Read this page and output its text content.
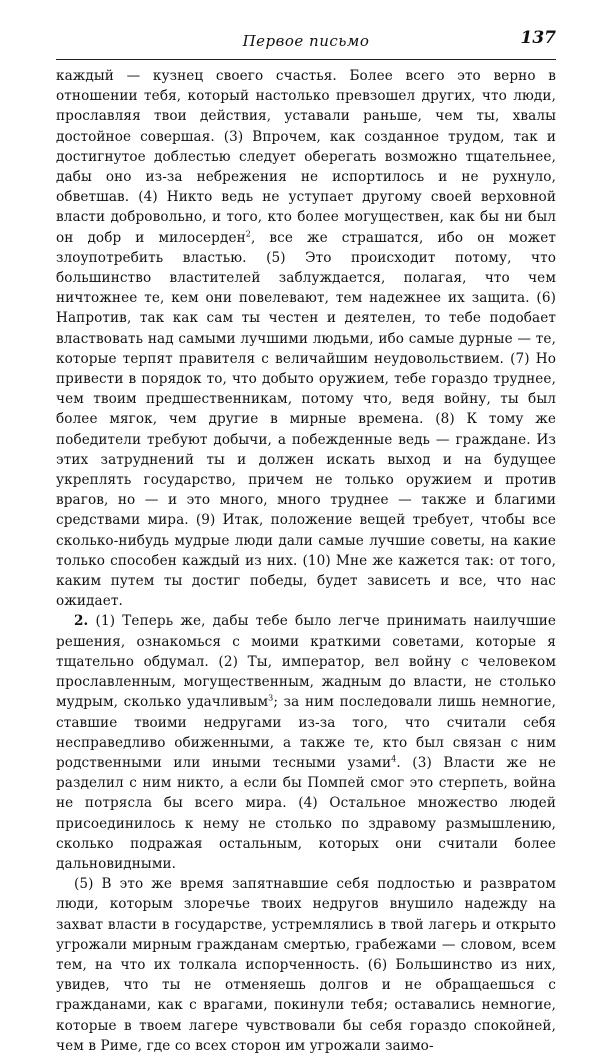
Первое письмо	137

каждый — кузнец своего счастья. Более всего это верно в отношении тебя, который настолько превзошел других, что люди, прославляя твои действия, уставали раньше, чем ты, хвалы достойное совершая. (3) Впрочем, как созданное трудом, так и достигнутое доблестью следует оберегать возможно тщательнее, дабы оно из-за небрежения не испортилось и не рухнуло, обветшав. (4) Никто ведь не уступает другому своей верховной власти добровольно, и того, кто более могуществен, как бы ни был он добр и милосерден$^2$, все же страшатся, ибо он может злоупотребить властью. (5) Это происходит потому, что большинство властителей заблуждается, полагая, что чем ничтожнее те, кем они повелевают, тем надежнее их защита. (6) Напротив, так как сам ты честен и деятелен, то тебе подобает властвовать над самыми лучшими людьми, ибо самые дурные — те, которые терпят правителя с величайшим неудовольствием. (7) Но привести в порядок то, что добыто оружием, тебе гораздо труднее, чем твоим предшественникам, потому что, ведя войну, ты был более мягок, чем другие в мирные времена. (8) К тому же победители требуют добычи, а побежденные ведь — граждане. Из этих затруднений ты и должен искать выход и на будущее укреплять государство, причем не только оружием и против врагов, но — и это много, много труднее — также и благими средствами мира. (9) Итак, положение вещей требует, чтобы все сколько-нибудь мудрые люди дали самые лучшие советы, на какие только способен каждый из них. (10) Мне же кажется так: от того, каким путем ты достиг победы, будет зависеть и все, что нас ожидает.

2. (1) Теперь же, дабы тебе было легче принимать наилучшие решения, ознакомься с моими краткими советами, которые я тщательно обдумал. (2) Ты, император, вел войну с человеком прославленным, могущественным, жадным до власти, не столько мудрым, сколько удачливым$^3$; за ним последовали лишь немногие, ставшие твоими недругами из-за того, что считали себя несправедливо обиженными, а также те, кто был связан с ним родственными или иными тесными узами$^4$. (3) Власти же не разделил с ним никто, а если бы Помпей смог это стерпеть, война не потрясла бы всего мира. (4) Остальное множество людей присоединилось к нему не столько по здравому размышлению, сколько подражая остальным, которых они считали более дальновидными.

(5) В это же время запятнавшие себя подлостью и развратом люди, которым злоречье твоих недругов внушило надежду на захват власти в государстве, устремлялись в твой лагерь и открыто угрожали мирным гражданам смертью, грабежами — словом, всем тем, на что их толкала испорченность. (6) Большинство из них, увидев, что ты не отменяешь долгов и не обращаешься с гражданами, как с врагами, покинули тебя; оставались немногие, которые в твоем лагере чувствовали бы себя гораздо спокойней, чем в Риме, где со всех сторон им угрожали заимо-
